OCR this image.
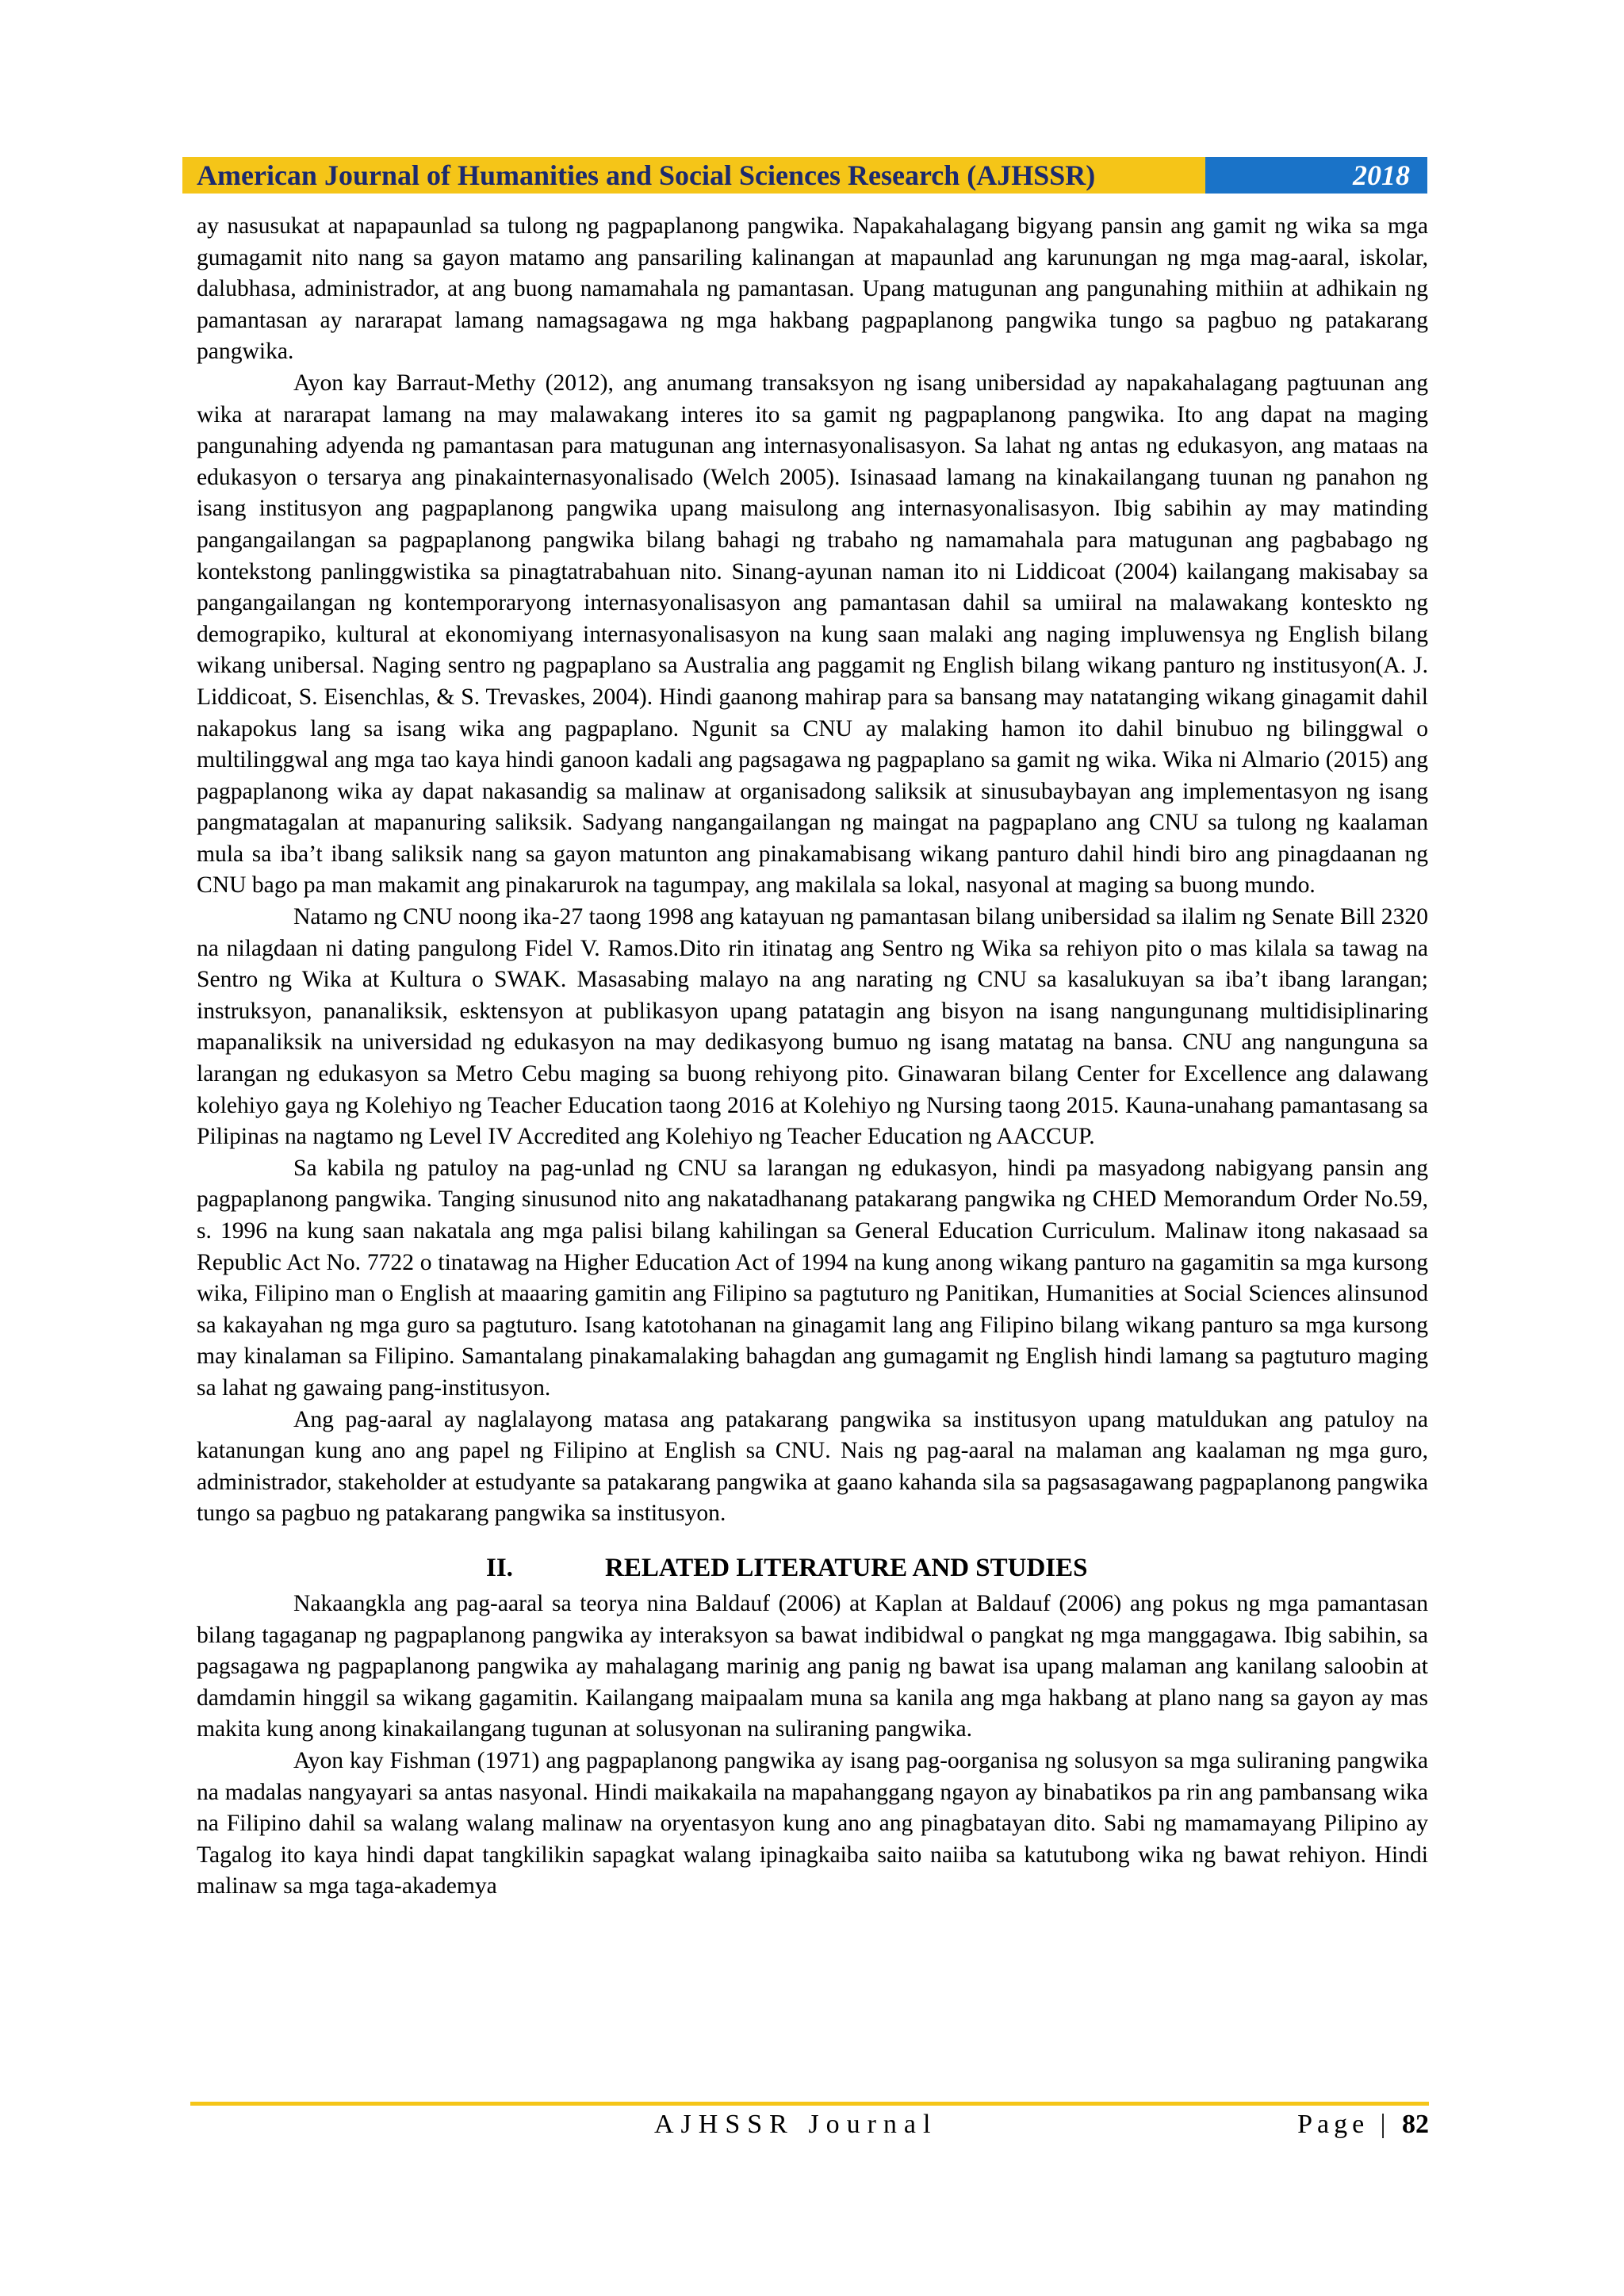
American Journal of Humanities and Social Sciences Research (AJHSSR)	2018

ay nasusukat at napapaunlad sa tulong ng pagpaplanong pangwika. Napakahalagang bigyang pansin ang gamit ng wika sa mga gumagamit nito nang sa gayon matamo ang pansariling kalinangan at mapaunlad ang karunungan ng mga mag-aaral, iskolar, dalubhasa, administrador, at ang buong namamahala ng pamantasan. Upang matugunan ang pangunahing mithiin at adhikain ng pamantasan ay nararapat lamang namagsagawa ng mga hakbang pagpaplanong pangwika tungo sa pagbuo ng patakarang pangwika.

Ayon kay Barraut-Methy (2012), ang anumang transaksyon ng isang unibersidad ay napakahalagang pagtuunan ang wika at nararapat lamang na may malawakang interes ito sa gamit ng pagpaplanong pangwika. Ito ang dapat na maging pangunahing adyenda ng pamantasan para matugunan ang internasyonalisasyon. Sa lahat ng antas ng edukasyon, ang mataas na edukasyon o tersarya ang pinakainternasyonalisado (Welch 2005). Isinasaad lamang na kinakailangang tuunan ng panahon ng isang institusyon ang pagpaplanong pangwika upang maisulong ang internasyonalisasyon. Ibig sabihin ay may matinding pangangailangan sa pagpaplanong pangwika bilang bahagi ng trabaho ng namamahala para matugunan ang pagbabago ng kontekstong panlinggwistika sa pinagtatrabahuan nito. Sinang-ayunan naman ito ni Liddicoat (2004) kailangang makisabay sa pangangailangan ng kontemporaryong internasyonalisasyon ang pamantasan dahil sa umiiral na malawakang konteskto ng demograpiko, kultural at ekonomiyang internasyonalisasyon na kung saan malaki ang naging impluwensya ng English bilang wikang unibersal. Naging sentro ng pagpaplano sa Australia ang paggamit ng English bilang wikang panturo ng institusyon(A. J. Liddicoat, S. Eisenchlas, & S. Trevaskes, 2004). Hindi gaanong mahirap para sa bansang may natatanging wikang ginagamit dahil nakapokus lang sa isang wika ang pagpaplano. Ngunit sa CNU ay malaking hamon ito dahil binubuo ng bilinggwal o multilinggwal ang mga tao kaya hindi ganoon kadali ang pagsagawa ng pagpaplano sa gamit ng wika. Wika ni Almario (2015) ang pagpaplanong wika ay dapat nakasandig sa malinaw at organisadong saliksik at sinusubaybayan ang implementasyon ng isang pangmatagalan at mapanuring saliksik. Sadyang nangangailangan ng maingat na pagpaplano ang CNU sa tulong ng kaalaman mula sa iba’t ibang saliksik nang sa gayon matunton ang pinakamabisang wikang panturo dahil hindi biro ang pinagdaanan ng CNU bago pa man makamit ang pinakarurok na tagumpay, ang makilala sa lokal, nasyonal at maging sa buong mundo.

Natamo ng CNU noong ika-27 taong 1998 ang katayuan ng pamantasan bilang unibersidad sa ilalim ng Senate Bill 2320 na nilagdaan ni dating pangulong Fidel V. Ramos.Dito rin itinatag ang Sentro ng Wika sa rehiyon pito o mas kilala sa tawag na Sentro ng Wika at Kultura o SWAK. Masasabing malayo na ang narating ng CNU sa kasalukuyan sa iba’t ibang larangan; instruksyon, pananaliksik, esktensyon at publikasyon upang patatagin ang bisyon na isang nangungunang multidisiplinaring mapanaliksik na universidad ng edukasyon na may dedikasyong bumuo ng isang matatag na bansa. CNU ang nangunguna sa larangan ng edukasyon sa Metro Cebu maging sa buong rehiyong pito. Ginawaran bilang Center for Excellence ang dalawang kolehiyo gaya ng Kolehiyo ng Teacher Education taong 2016 at Kolehiyo ng Nursing taong 2015. Kauna-unahang pamantasang sa Pilipinas na nagtamo ng Level IV Accredited ang Kolehiyo ng Teacher Education ng AACCUP.

Sa kabila ng patuloy na pag-unlad ng CNU sa larangan ng edukasyon, hindi pa masyadong nabigyang pansin ang pagpaplanong pangwika. Tanging sinusunod nito ang nakatadhanang patakarang pangwika ng CHED Memorandum Order No.59, s. 1996 na kung saan nakatala ang mga palisi bilang kahilingan sa General Education Curriculum. Malinaw itong nakasaad sa Republic Act No. 7722 o tinatawag na Higher Education Act of 1994 na kung anong wikang panturo na gagamitin sa mga kursong wika, Filipino man o English at maaaring gamitin ang Filipino sa pagtuturo ng Panitikan, Humanities at Social Sciences alinsunod sa kakayahan ng mga guro sa pagtuturo. Isang katotohanan na ginagamit lang ang Filipino bilang wikang panturo sa mga kursong may kinalaman sa Filipino. Samantalang pinakamalaking bahagdan ang gumagamit ng English hindi lamang sa pagtuturo maging sa lahat ng gawaing pang-institusyon.

Ang pag-aaral ay naglalayong matasa ang patakarang pangwika sa institusyon upang matuldukan ang patuloy na katanungan kung ano ang papel ng Filipino at English sa CNU. Nais ng pag-aaral na malaman ang kaalaman ng mga guro, administrador, stakeholder at estudyante sa patakarang pangwika at gaano kahanda sila sa pagsasagawang pagpaplanong pangwika tungo sa pagbuo ng patakarang pangwika sa institusyon.

II.	RELATED LITERATURE AND STUDIES

Nakaangkla ang pag-aaral sa teorya nina Baldauf (2006) at Kaplan at Baldauf (2006) ang pokus ng mga pamantasan bilang tagaganap ng pagpaplanong pangwika ay interaksyon sa bawat indibidwal o pangkat ng mga manggagawa. Ibig sabihin, sa pagsagawa ng pagpaplanong pangwika ay mahalagang marinig ang panig ng bawat isa upang malaman ang kanilang saloobin at damdamin hinggil sa wikang gagamitin. Kailangang maipaalam muna sa kanila ang mga hakbang at plano nang sa gayon ay mas makita kung anong kinakailangang tugunan at solusyonan na suliraning pangwika.

Ayon kay Fishman (1971) ang pagpaplanong pangwika ay isang pag-oorganisa ng solusyon sa mga suliraning pangwika na madalas nangyayari sa antas nasyonal. Hindi maikakaila na mapahanggang ngayon ay binabatikos pa rin ang pambansang wika na Filipino dahil sa walang walang malinaw na oryentasyon kung ano ang pinagbatayan dito. Sabi ng mamamayang Pilipino ay Tagalog ito kaya hindi dapat tangkilikin sapagkat walang ipinagkaiba saito naiiba sa katutubong wika ng bawat rehiyon. Hindi malinaw sa mga taga-akademya

AJHSSR Journal	Page | 82
